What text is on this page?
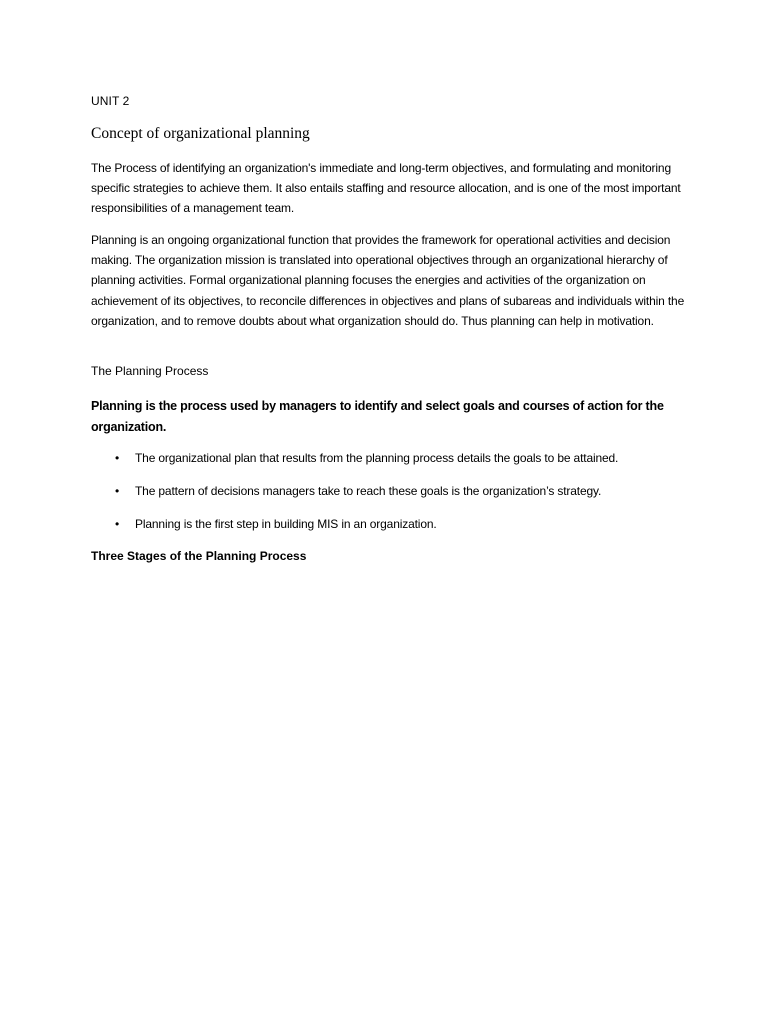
UNIT 2
Concept of organizational planning

The Process of identifying an organization's immediate and long-term objectives, and formulating and monitoring specific strategies to achieve them. It also entails staffing and resource allocation, and is one of the most important responsibilities of a management team.

Planning is an ongoing organizational function that provides the framework for operational activities and decision making. The organization mission is translated into operational objectives through an organizational hierarchy of planning activities. Formal organizational planning focuses the energies and activities of the organization on achievement of its objectives, to reconcile differences in objectives and plans of subareas and individuals within the organization, and to remove doubts about what organization should do. Thus planning can help in motivation.

The Planning Process

Planning is the process used by managers to identify and select goals and courses of action for the organization.

•	The organizational plan that results from the planning process details the goals to be attained.
•	The pattern of decisions managers take to reach these goals is the organization’s strategy.
•	Planning is the first step in building MIS in an organization.

Three Stages of the Planning Process
